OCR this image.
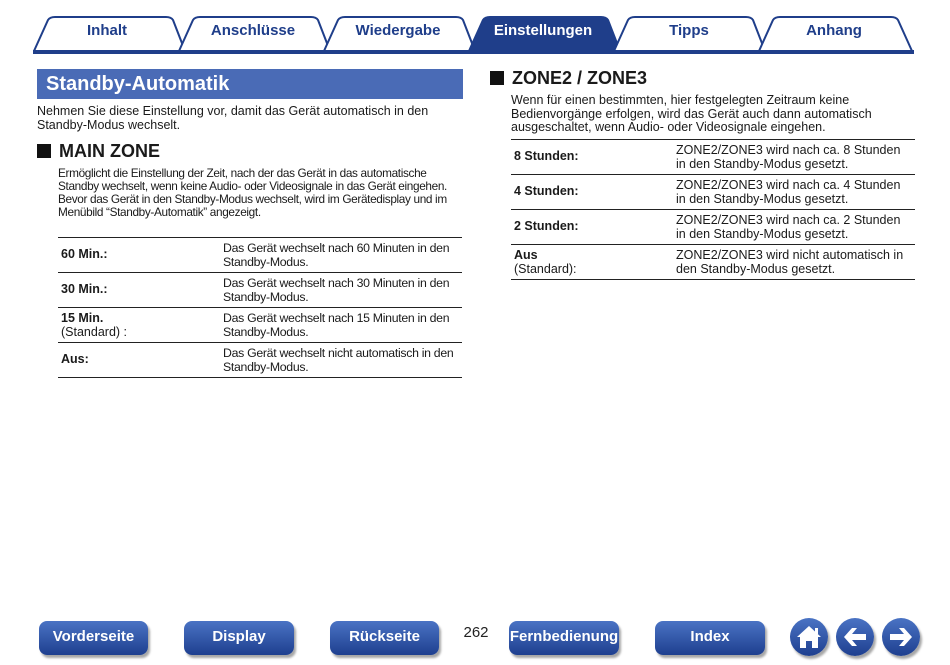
Inhalt	Anschlüsse	Wiedergabe	Einstellungen	Tipps	Anhang
Standby-Automatik
Nehmen Sie diese Einstellung vor, damit das Gerät automatisch in den Standby-Modus wechselt.
MAIN ZONE
Ermöglicht die Einstellung der Zeit, nach der das Gerät in das automatische Standby wechselt, wenn keine Audio- oder Videosignale in das Gerät eingehen.
Bevor das Gerät in den Standby-Modus wechselt, wird im Gerätedisplay und im Menübild “Standby-Automatik” angezeigt.
60 Min.:	Das Gerät wechselt nach 60 Minuten in den Standby-Modus.
30 Min.:	Das Gerät wechselt nach 30 Minuten in den Standby-Modus.
15 Min.
(Standard) :	Das Gerät wechselt nach 15 Minuten in den Standby-Modus.
Aus:	Das Gerät wechselt nicht automatisch in den Standby-Modus.
ZONE2 / ZONE3
Wenn für einen bestimmten, hier festgelegten Zeitraum keine Bedienvorgänge erfolgen, wird das Gerät auch dann automatisch ausgeschaltet, wenn Audio- oder Videosignale eingehen.
8 Stunden:	ZONE2/ZONE3 wird nach ca. 8 Stunden in den Standby-Modus gesetzt.
4 Stunden:	ZONE2/ZONE3 wird nach ca. 4 Stunden in den Standby-Modus gesetzt.
2 Stunden:	ZONE2/ZONE3 wird nach ca. 2 Stunden in den Standby-Modus gesetzt.
Aus
(Standard):	ZONE2/ZONE3 wird nicht automatisch in den Standby-Modus gesetzt.
Vorderseite	Display	Rückseite	262	Fernbedienung	Index
